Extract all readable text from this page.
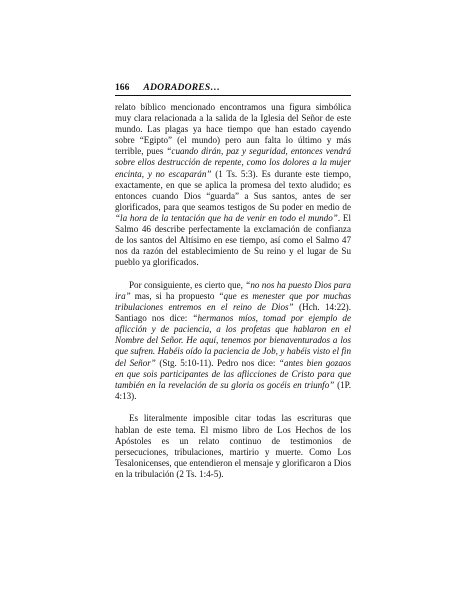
166 ADORADORES…

relato bíblico mencionado encontramos una figura simbólica muy clara relacionada a la salida de la Iglesia del Señor de este mundo. Las plagas ya hace tiempo que han estado cayendo sobre “Egipto” (el mundo) pero aun falta lo último y más terrible, pues “cuando dirán, paz y seguridad, entonces vendrá sobre ellos destrucción de repente, como los dolores a la mujer encinta, y no escaparán” (1 Ts. 5:3). Es durante este tiempo, exactamente, en que se aplica la promesa del texto aludido; es entonces cuando Dios “guarda” a Sus santos, antes de ser glorificados, para que seamos testigos de Su poder en medio de “la hora de la tentación que ha de venir en todo el mundo”. El Salmo 46 describe perfectamente la exclamación de confianza de los santos del Altísimo en ese tiempo, así como el Salmo 47 nos da razón del establecimiento de Su reino y el lugar de Su pueblo ya glorificados.

Por consiguiente, es cierto que, “no nos ha puesto Dios para ira” mas, si ha propuesto “que es menester que por muchas tribulaciones entremos en el reino de Dios” (Hch. 14:22). Santiago nos dice: “hermanos míos, tomad por ejemplo de aflicción y de paciencia, a los profetas que hablaron en el Nombre del Señor. He aquí, tenemos por bienaventurados a los que sufren. Habéis oído la paciencia de Job, y habéis visto el fin del Señor” (Stg. 5:10-11). Pedro nos dice: “antes bien gozaos en que sois participantes de las aflicciones de Cristo para que también en la revelación de su gloria os gocéis en triunfo” (1P. 4:13).

Es literalmente imposible citar todas las escrituras que hablan de este tema. El mismo libro de Los Hechos de los Apóstoles es un relato continuo de testimonios de persecuciones, tribulaciones, martirio y muerte. Como Los Tesalonicenses, que entendieron el mensaje y glorificaron a Dios en la tribulación (2 Ts. 1:4-5).
